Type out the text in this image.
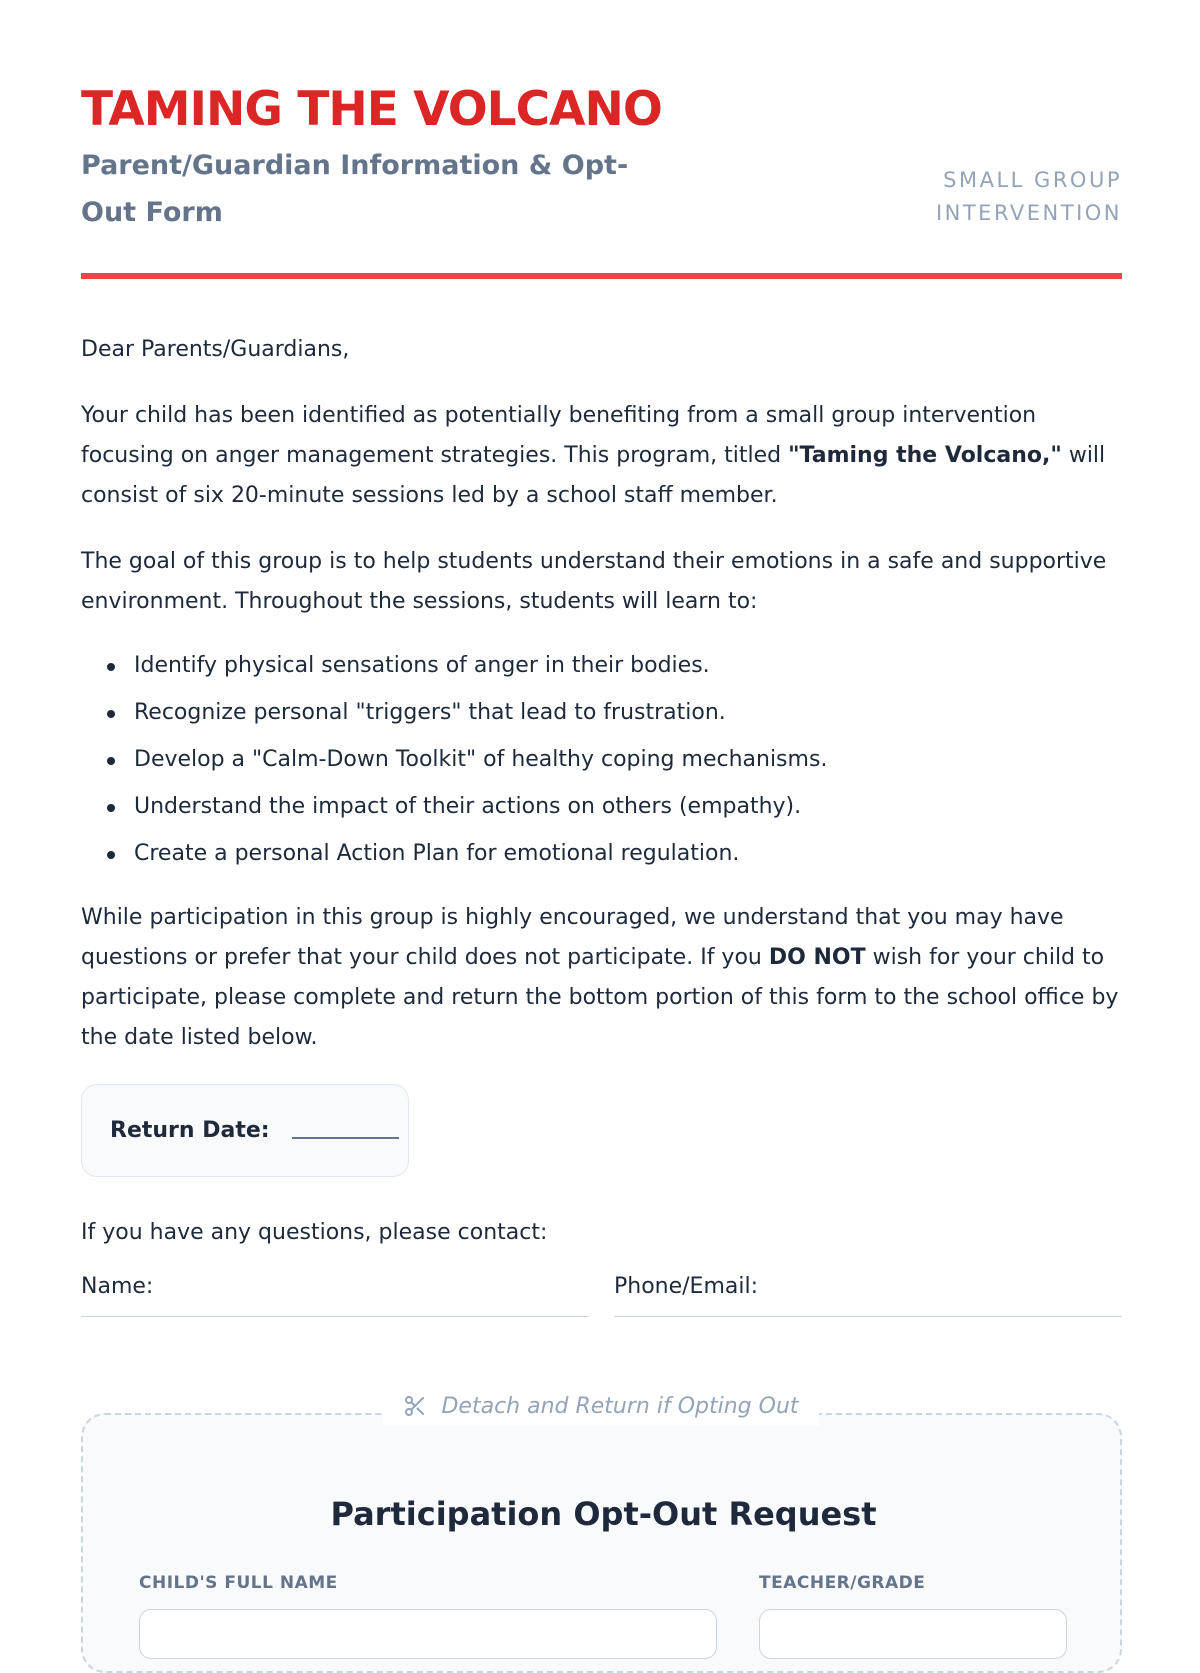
TAMING THE VOLCANO

Parent/Guardian Information & Opt-Out Form

SMALL GROUP
INTERVENTION

Dear Parents/Guardians,

Your child has been identified as potentially benefiting from a small group intervention focusing on anger management strategies. This program, titled "Taming the Volcano," will consist of six 20-minute sessions led by a school staff member.

The goal of this group is to help students understand their emotions in a safe and supportive environment. Throughout the sessions, students will learn to:

Identify physical sensations of anger in their bodies.
Recognize personal "triggers" that lead to frustration.
Develop a "Calm-Down Toolkit" of healthy coping mechanisms.
Understand the impact of their actions on others (empathy).
Create a personal Action Plan for emotional regulation.

While participation in this group is highly encouraged, we understand that you may have questions or prefer that your child does not participate. If you DO NOT wish for your child to participate, please complete and return the bottom portion of this form to the school office by the date listed below.

Return Date:

If you have any questions, please contact:

Name:	Phone/Email:
Participation Opt-Out Request
CHILD'S FULL NAME	TEACHER/GRADE
Detach and Return if Opting Out
